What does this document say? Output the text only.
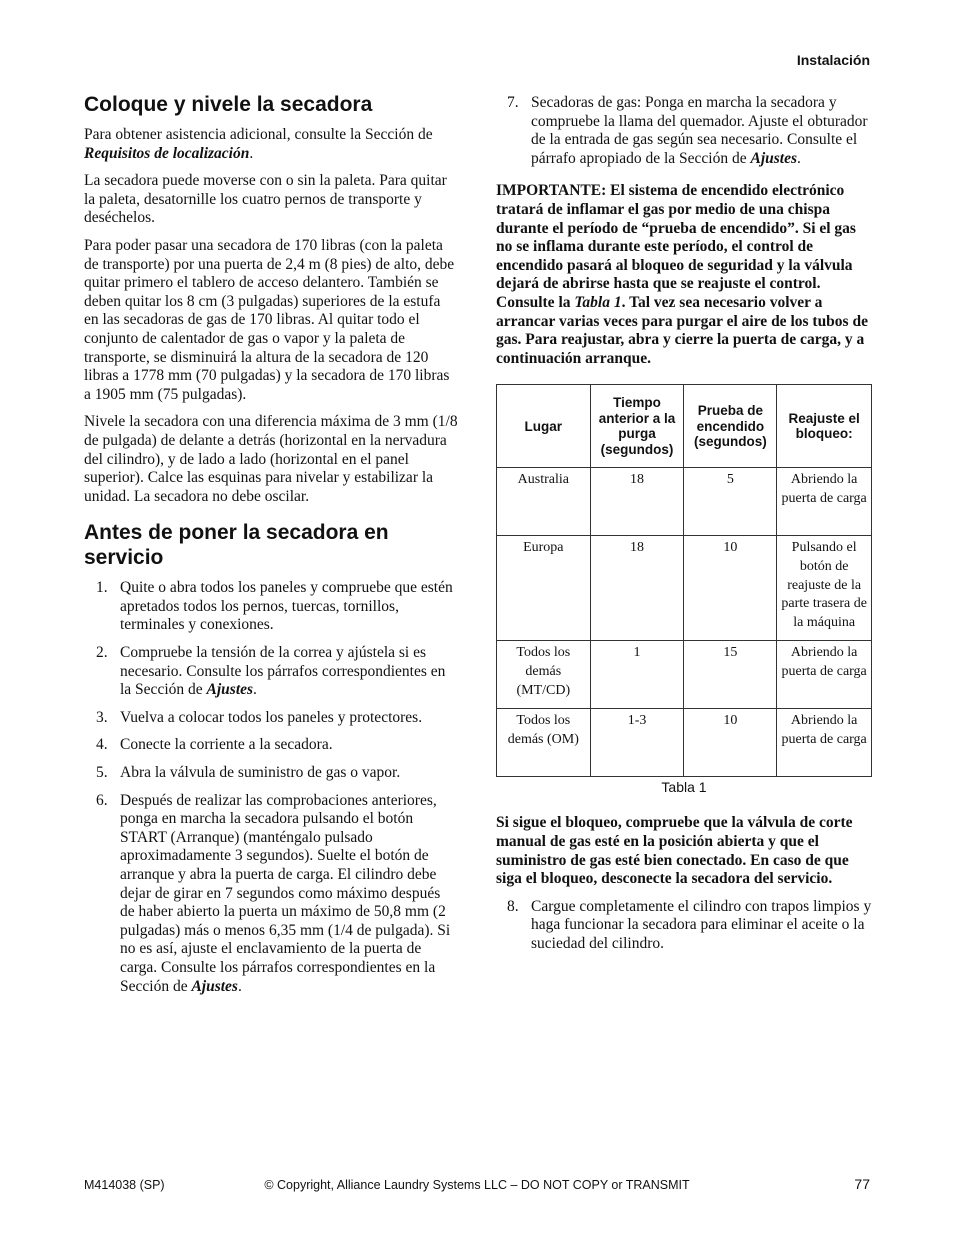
Instalación
Coloque y nivele la secadora

Para obtener asistencia adicional, consulte la Sección de Requisitos de localización.

La secadora puede moverse con o sin la paleta. Para quitar la paleta, desatornille los cuatro pernos de transporte y deséchelos.

Para poder pasar una secadora de 170 libras (con la paleta de transporte) por una puerta de 2,4 m (8 pies) de alto, debe quitar primero el tablero de acceso delantero. También se deben quitar los 8 cm (3 pulgadas) superiores de la estufa en las secadoras de gas de 170 libras. Al quitar todo el conjunto de calentador de gas o vapor y la paleta de transporte, se disminuirá la altura de la secadora de 120 libras a 1778 mm (70 pulgadas) y la secadora de 170 libras a 1905 mm (75 pulgadas).

Nivele la secadora con una diferencia máxima de 3 mm (1/8 de pulgada) de delante a detrás (horizontal en la nervadura del cilindro), y de lado a lado (horizontal en el panel superior). Calce las esquinas para nivelar y estabilizar la unidad. La secadora no debe oscilar.

Antes de poner la secadora en servicio
1. Quite o abra todos los paneles y compruebe que estén apretados todos los pernos, tuercas, tornillos, terminales y conexiones.
2. Compruebe la tensión de la correa y ajústela si es necesario. Consulte los párrafos correspondientes en la Sección de Ajustes.
3. Vuelva a colocar todos los paneles y protectores.
4. Conecte la corriente a la secadora.
5. Abra la válvula de suministro de gas o vapor.
6. Después de realizar las comprobaciones anteriores, ponga en marcha la secadora pulsando el botón START (Arranque) (manténgalo pulsado aproximadamente 3 segundos). Suelte el botón de arranque y abra la puerta de carga. El cilindro debe dejar de girar en 7 segundos como máximo después de haber abierto la puerta un máximo de 50,8 mm (2 pulgadas) más o menos 6,35 mm (1/4 de pulgada). Si no es así, ajuste el enclavamiento de la puerta de carga. Consulte los párrafos correspondientes en la Sección de Ajustes.
7. Secadoras de gas: Ponga en marcha la secadora y compruebe la llama del quemador. Ajuste el obturador de la entrada de gas según sea necesario. Consulte el párrafo apropiado de la Sección de Ajustes.

IMPORTANTE: El sistema de encendido electrónico tratará de inflamar el gas por medio de una chispa durante el período de “prueba de encendido”. Si el gas no se inflama durante este período, el control de encendido pasará al bloqueo de seguridad y la válvula dejará de abrirse hasta que se reajuste el control. Consulte la Tabla 1. Tal vez sea necesario volver a arrancar varias veces para purgar el aire de los tubos de gas. Para reajustar, abra y cierre la puerta de carga, y a continuación arranque.

Lugar	Tiempo anterior a la purga (segundos)	Prueba de encendido (segundos)	Reajuste el bloqueo:
Australia	18	5	Abriendo la puerta de carga
Europa	18	10	Pulsando el botón de reajuste de la parte trasera de la máquina
Todos los demás (MT/CD)	1	15	Abriendo la puerta de carga
Todos los demás (OM)	1-3	10	Abriendo la puerta de carga
Tabla 1

Si sigue el bloqueo, compruebe que la válvula de corte manual de gas esté en la posición abierta y que el suministro de gas esté bien conectado. En caso de que siga el bloqueo, desconecte la secadora del servicio.

8. Cargue completamente el cilindro con trapos limpios y haga funcionar la secadora para eliminar el aceite o la suciedad del cilindro.
M414038 (SP)	© Copyright, Alliance Laundry Systems LLC – DO NOT COPY or TRANSMIT	77
